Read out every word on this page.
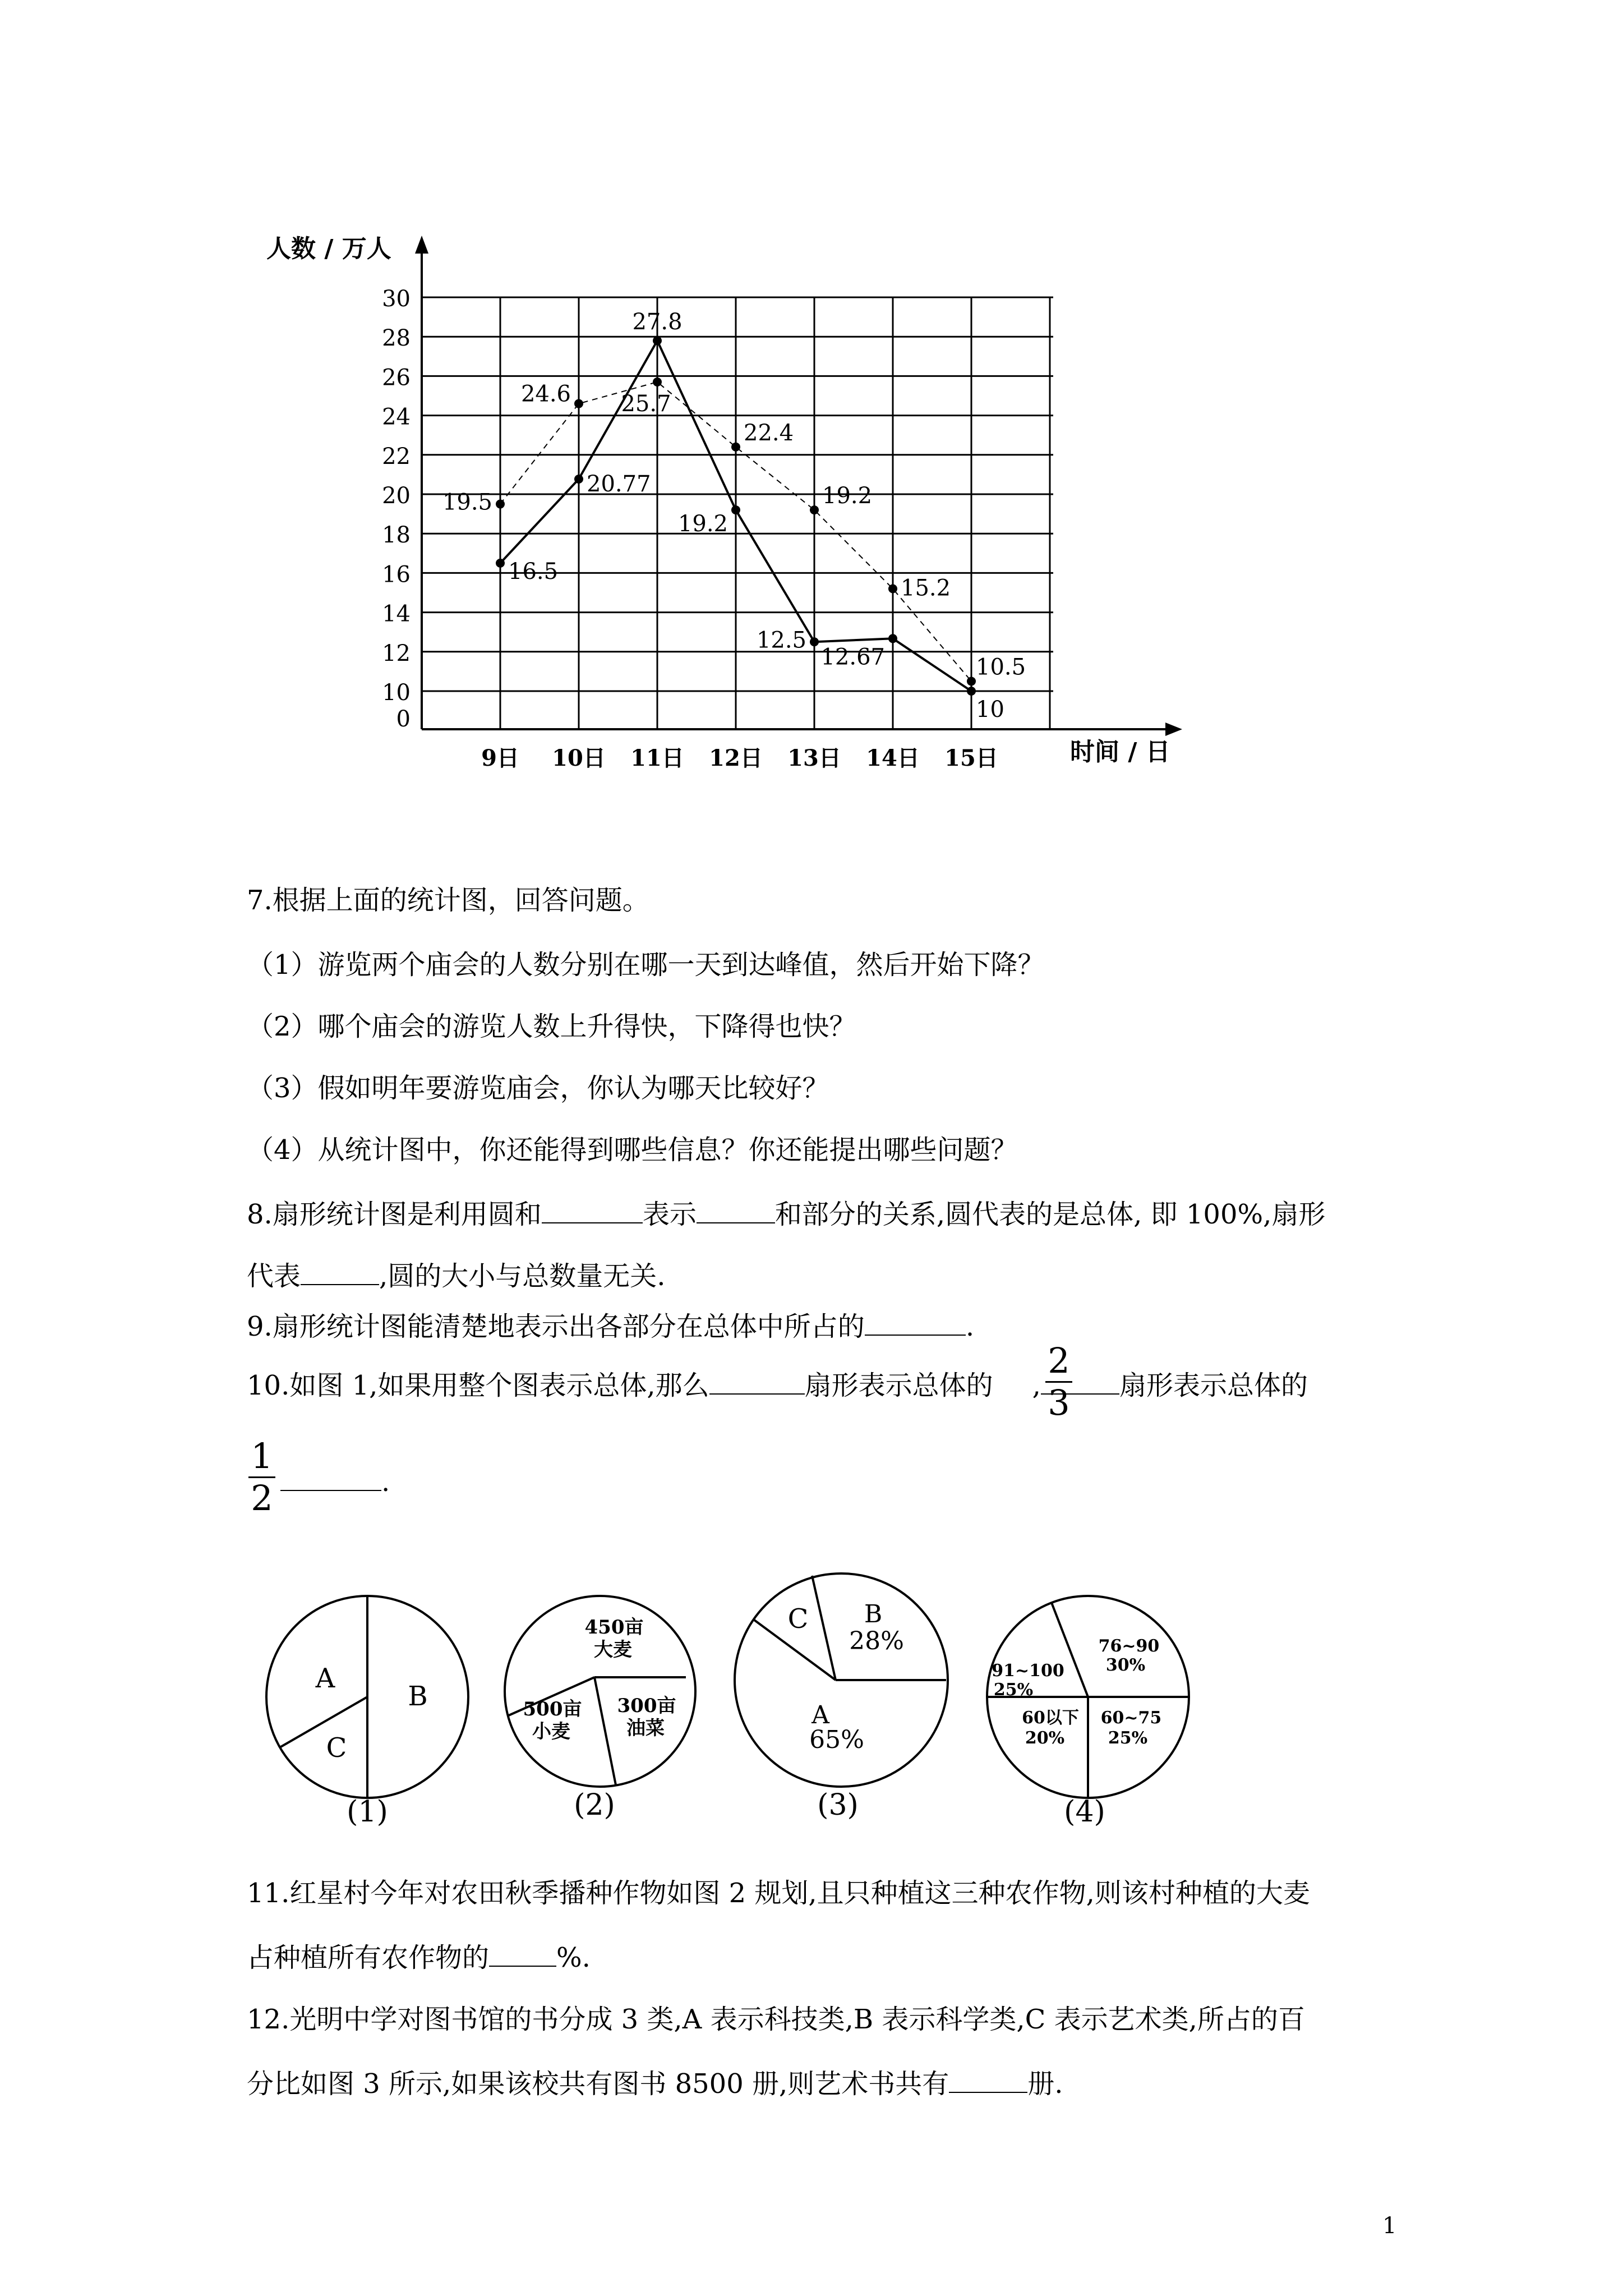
0
10
12
14
16
18
20
22
24
26
28
30
9日 10日 11日 12日 13日 14日 15日
16.5
20.77
27.8
19.2
12.5
12.67
10
19.5
24.6 25.7
22.4
19.2
15.2
10.5
人数 / 万人
时间 / 日
7.根据上面的统计图，回答问题。
（1）游览两个庙会的人数分别在哪一天到达峰值，然后开始下降？
（2）哪个庙会的游览人数上升得快，下降得也快？
（3）假如明年要游览庙会，你认为哪天比较好？
（4）从统计图中，你还能得到哪些信息？你还能提出哪些问题？
8.扇形统计图是利用圆和	表示	和部分的关系,圆代表的是总体, 即 100%,扇形
代表	,圆的大小与总数量无关.
9.扇形统计图能清楚地表示出各部分在总体中所占的	.
10.如图 1,如果用整个图表示总体,那么	扇形表示总体的 ,	扇形表示总体的
2
3
1
2	.
A
B
C
(1)
450亩
大麦
500亩
小麦
300亩
油菜
(2)
C B
28%
A
65%
(3)
76~90
30%
91~100
25%
60以下
20%
60~75
25%
(4)
11.红星村今年对农田秋季播种作物如图 2 规划,且只种植这三种农作物,则该村种植的大麦
占种植所有农作物的	%.
12.光明中学对图书馆的书分成 3 类,A 表示科技类,B 表示科学类,C 表示艺术类,所占的百
分比如图 3 所示,如果该校共有图书 8500 册,则艺术书共有	册.
1
